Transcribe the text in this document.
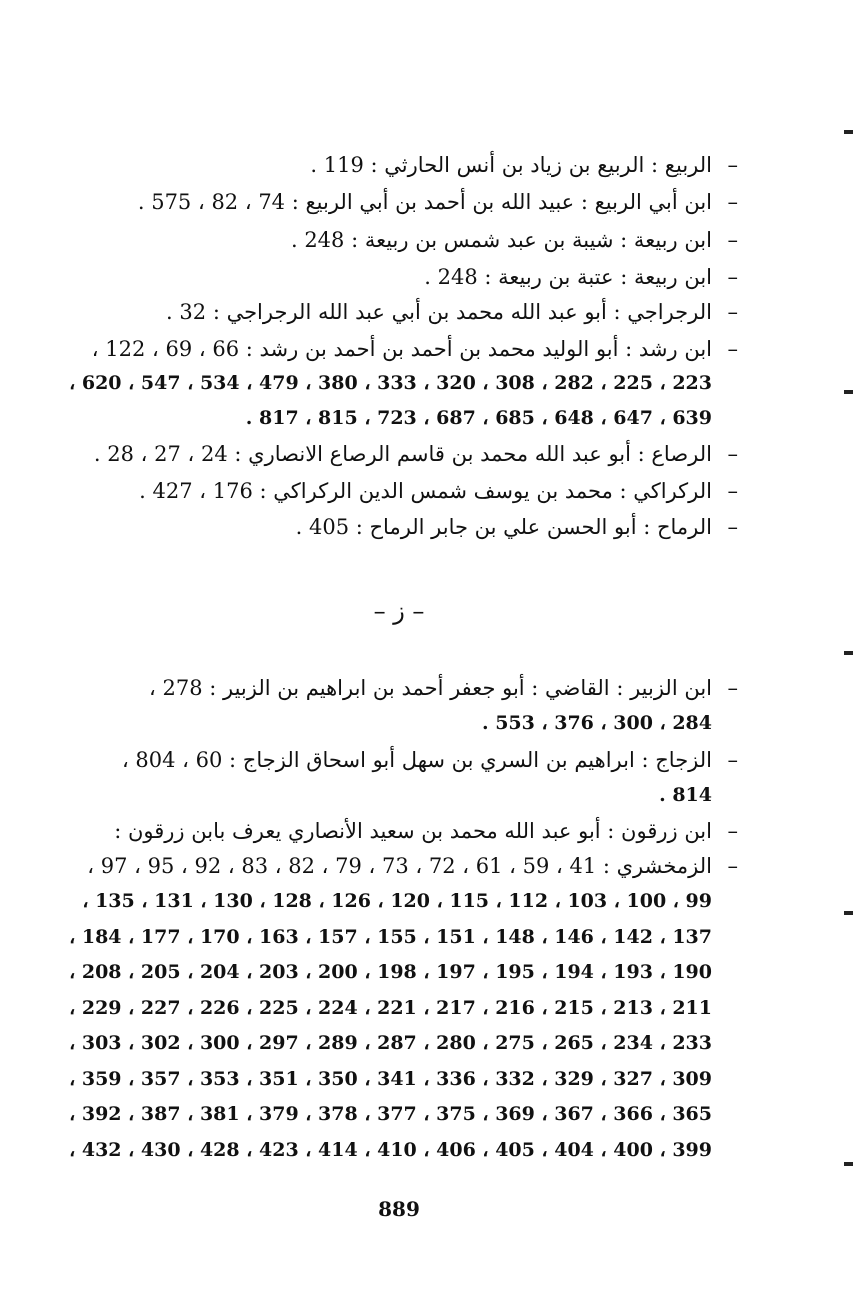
–الربيع : الربيع بن زياد بن أنس الحارثي : 119 .
–ابن أبي الربيع : عبيد الله بن أحمد بن أبي الربيع : 74 ، 82 ، 575 .
–ابن ربيعة : شيبة بن عبد شمس بن ربيعة : 248 .
–ابن ربيعة : عتبة بن ربيعة : 248 .
–الرجراجي : أبو عبد الله محمد بن أبي عبد الله الرجراجي : 32 .
–ابن رشد : أبو الوليد محمد بن أحمد بن أحمد بن رشد : 66 ، 69 ، 122 ،
223 ، 225 ، 282 ، 308 ، 320 ، 333 ، 380 ، 479 ، 534 ، 547 ، 620 ،
639 ، 647 ، 648 ، 685 ، 687 ، 723 ، 815 ، 817 .
–الرصاع : أبو عبد الله محمد بن قاسم الرصاع الانصاري : 24 ، 27 ، 28 .
–الركراكي : محمد بن يوسف شمس الدين الركراكي : 176 ، 427 .
–الرماح : أبو الحسن علي بن جابر الرماح : 405 .
– ز –
–ابن الزبير : القاضي : أبو جعفر أحمد بن ابراهيم بن الزبير : 278 ،
284 ، 300 ، 376 ، 553 .
–الزجاج : ابراهيم بن السري بن سهل أبو اسحاق الزجاج : 60 ، 804 ،
814 .
–ابن زرقون : أبو عبد الله محمد بن سعيد الأنصاري يعرف بابن زرقون :
–الزمخشري : 41 ، 59 ، 61 ، 72 ، 73 ، 79 ، 82 ، 83 ، 92 ، 95 ، 97 ،
99 ، 100 ، 103 ، 112 ، 115 ، 120 ، 126 ، 128 ، 130 ، 131 ، 135 ،
137 ، 142 ، 146 ، 148 ، 151 ، 155 ، 157 ، 163 ، 170 ، 177 ، 184 ،
190 ، 193 ، 194 ، 195 ، 197 ، 198 ، 200 ، 203 ، 204 ، 205 ، 208 ،
211 ، 213 ، 215 ، 216 ، 217 ، 221 ، 224 ، 225 ، 226 ، 227 ، 229 ،
233 ، 234 ، 265 ، 275 ، 280 ، 287 ، 289 ، 297 ، 300 ، 302 ، 303 ،
309 ، 327 ، 329 ، 332 ، 336 ، 341 ، 350 ، 351 ، 353 ، 357 ، 359 ،
365 ، 366 ، 367 ، 369 ، 375 ، 377 ، 378 ، 379 ، 381 ، 387 ، 392 ،
399 ، 400 ، 404 ، 405 ، 406 ، 410 ، 414 ، 423 ، 428 ، 430 ، 432 ،
889
